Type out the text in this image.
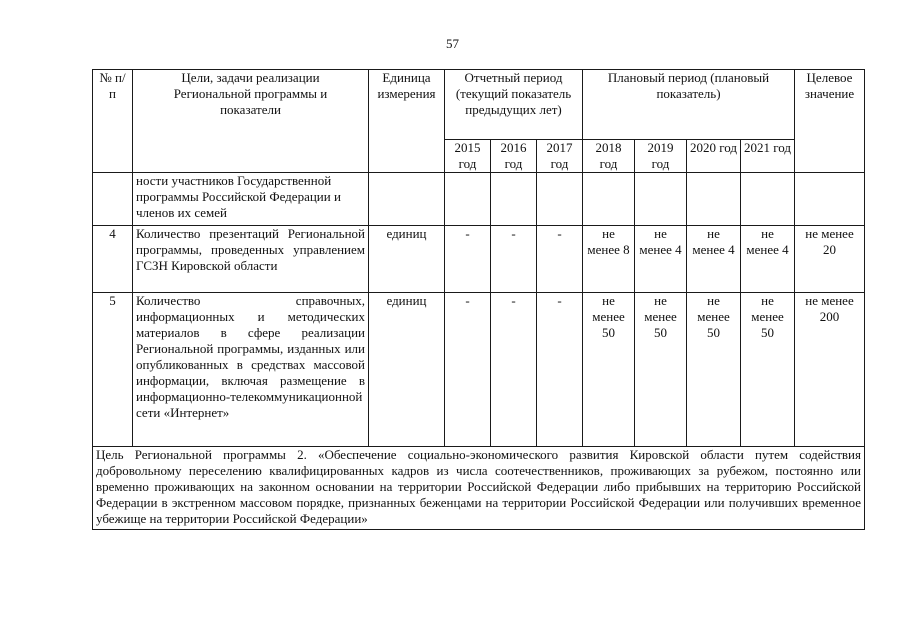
57
№ п/п	Цели, задачи реализации Региональной программы и показатели	Единица измерения	Отчетный период (текущий показатель предыдущих лет)			Плановый период (плановый показатель)				Целевое значение
			2015 год	2016 год	2017 год	2018 год	2019 год	2020 год	2021 год	
	ности участников Государственной программы Российской Федерации и членов их семей									
4	Количество презентаций Региональной программы, проведенных управлением ГСЗН Кировской области	единиц	-	-	-	не менее 8	не менее 4	не менее 4	не менее 4	не менее 20
5	Количество справочных, информационных и методических материалов в сфере реализации Региональной программы, изданных или опубликованных в средствах массовой информации, включая размещение в информационно-телекоммуникационной сети «Интернет»	единиц	-	-	-	не менее 50	не менее 50	не менее 50	не менее 50	не менее 200
Цель Региональной программы 2. «Обеспечение социально-экономического развития Кировской области путем содействия добровольному переселению квалифицированных кадров из числа соотечественников, проживающих за рубежом, постоянно или временно проживающих на законном основании на территории Российской Федерации либо прибывших на территорию Российской Федерации в экстренном массовом порядке, признанных беженцами на территории Российской Федерации или получивших временное убежище на территории Российской Федерации»										
